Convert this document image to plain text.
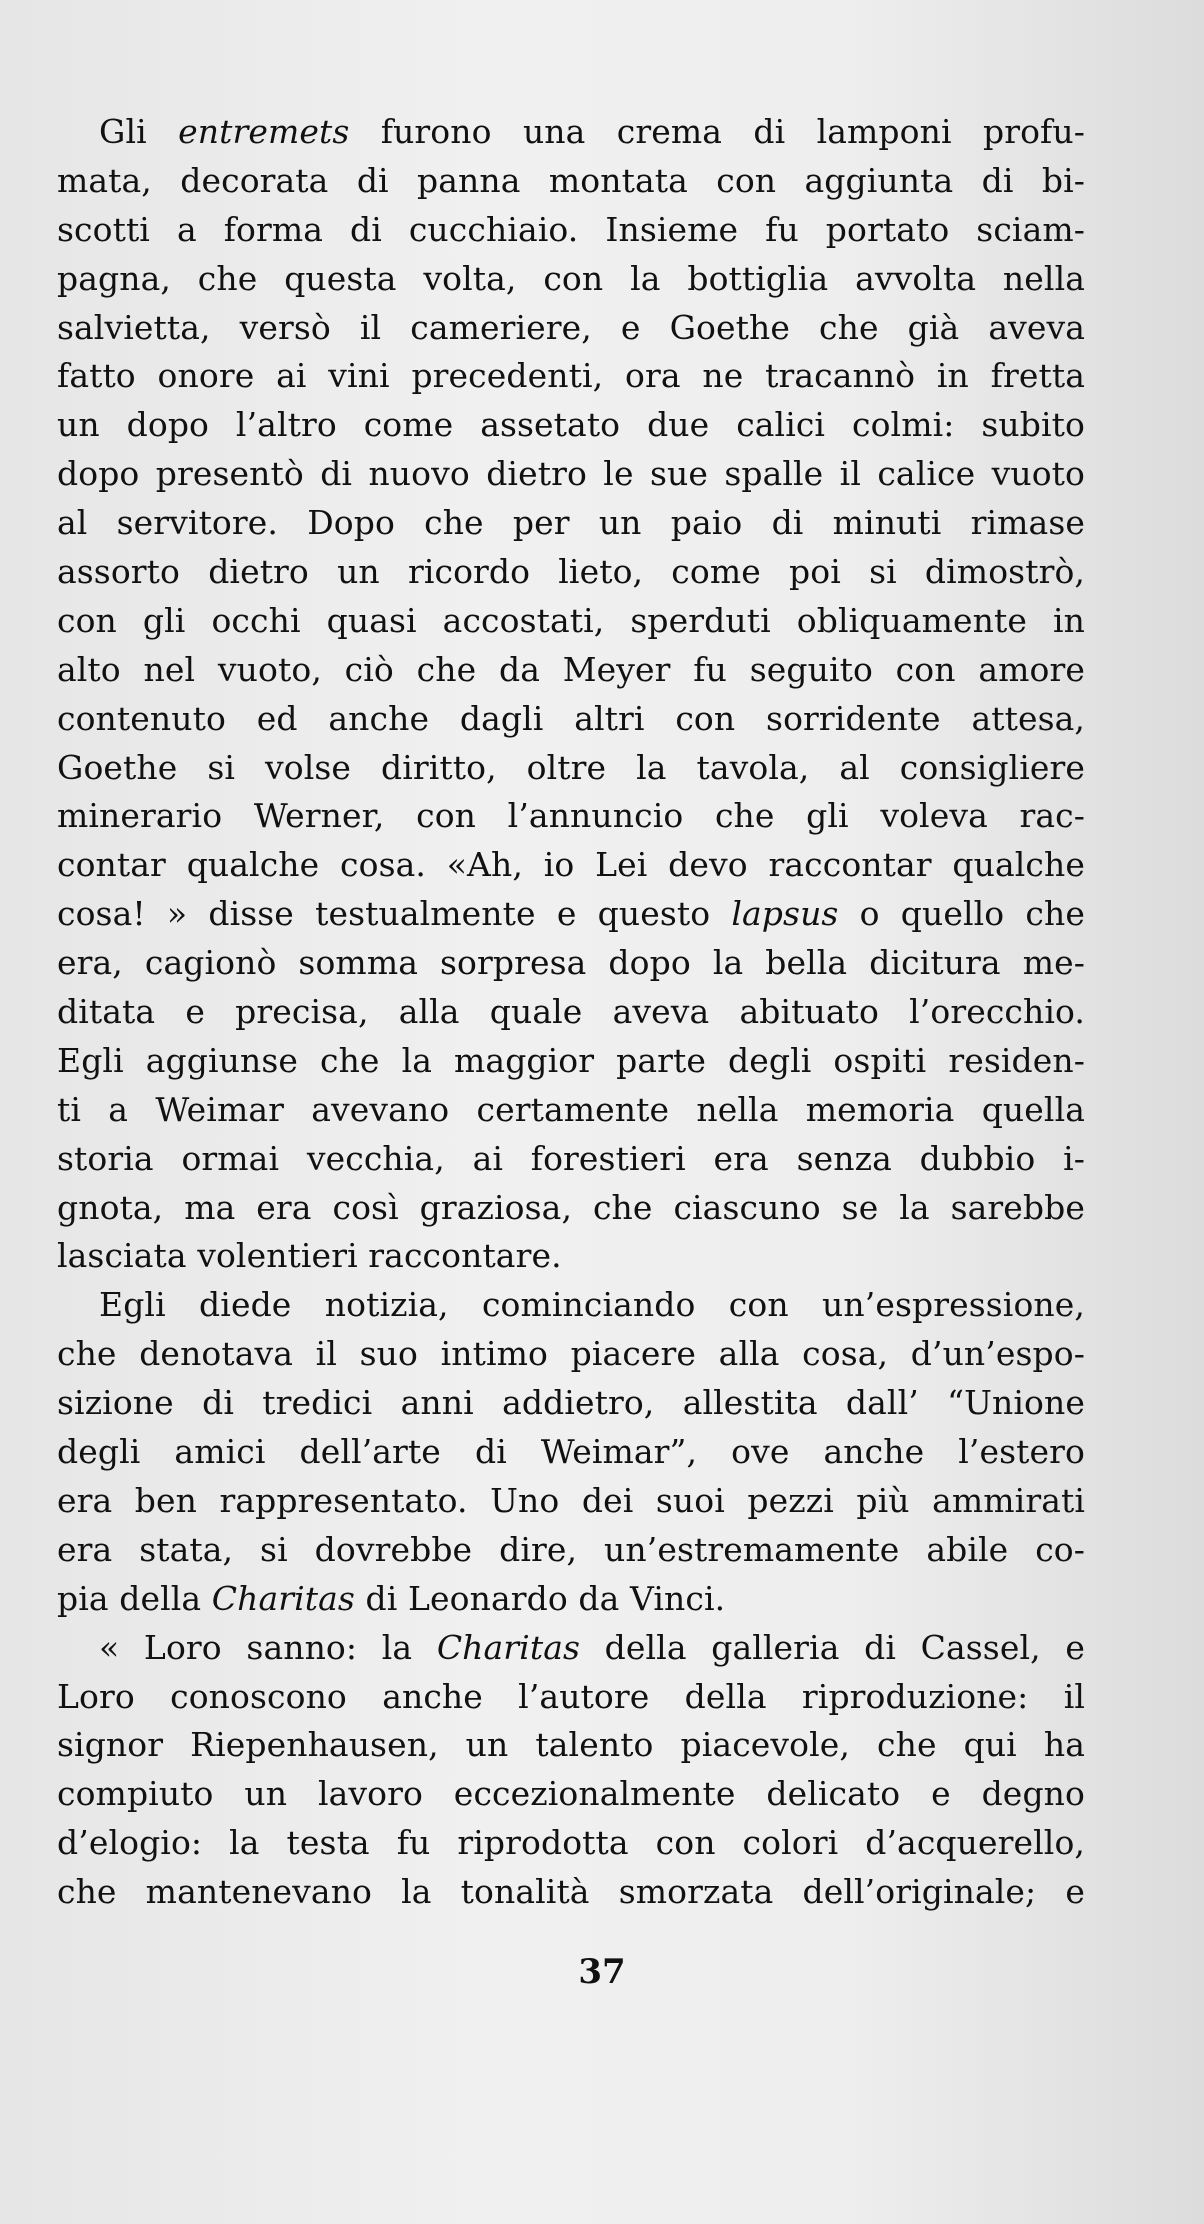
Gli entremets furono una crema di lamponi profu-
mata, decorata di panna montata con aggiunta di bi-
scotti a forma di cucchiaio. Insieme fu portato sciam-
pagna, che questa volta, con la bottiglia avvolta nella
salvietta, versò il cameriere, e Goethe che già aveva
fatto onore ai vini precedenti, ora ne tracannò in fretta
un dopo l’altro come assetato due calici colmi: subito
dopo presentò di nuovo dietro le sue spalle il calice vuoto
al servitore. Dopo che per un paio di minuti rimase
assorto dietro un ricordo lieto, come poi si dimostrò,
con gli occhi quasi accostati, sperduti obliquamente in
alto nel vuoto, ciò che da Meyer fu seguito con amore
contenuto ed anche dagli altri con sorridente attesa,
Goethe si volse diritto, oltre la tavola, al consigliere
minerario Werner, con l’annuncio che gli voleva rac-
contar qualche cosa. «Ah, io Lei devo raccontar qualche
cosa! » disse testualmente e questo lapsus o quello che
era, cagionò somma sorpresa dopo la bella dicitura me-
ditata e precisa, alla quale aveva abituato l’orecchio.
Egli aggiunse che la maggior parte degli ospiti residen-
ti a Weimar avevano certamente nella memoria quella
storia ormai vecchia, ai forestieri era senza dubbio i-
gnota, ma era così graziosa, che ciascuno se la sarebbe
lasciata volentieri raccontare.
Egli diede notizia, cominciando con un’espressione,
che denotava il suo intimo piacere alla cosa, d’un’espo-
sizione di tredici anni addietro, allestita dall’ “Unione
degli amici dell’arte di Weimar”, ove anche l’estero
era ben rappresentato. Uno dei suoi pezzi più ammirati
era stata, si dovrebbe dire, un’estremamente abile co-
pia della Charitas di Leonardo da Vinci.
« Loro sanno: la Charitas della galleria di Cassel, e
Loro conoscono anche l’autore della riproduzione: il
signor Riepenhausen, un talento piacevole, che qui ha
compiuto un lavoro eccezionalmente delicato e degno
d’elogio: la testa fu riprodotta con colori d’acquerello,
che mantenevano la tonalità smorzata dell’originale; e
37
